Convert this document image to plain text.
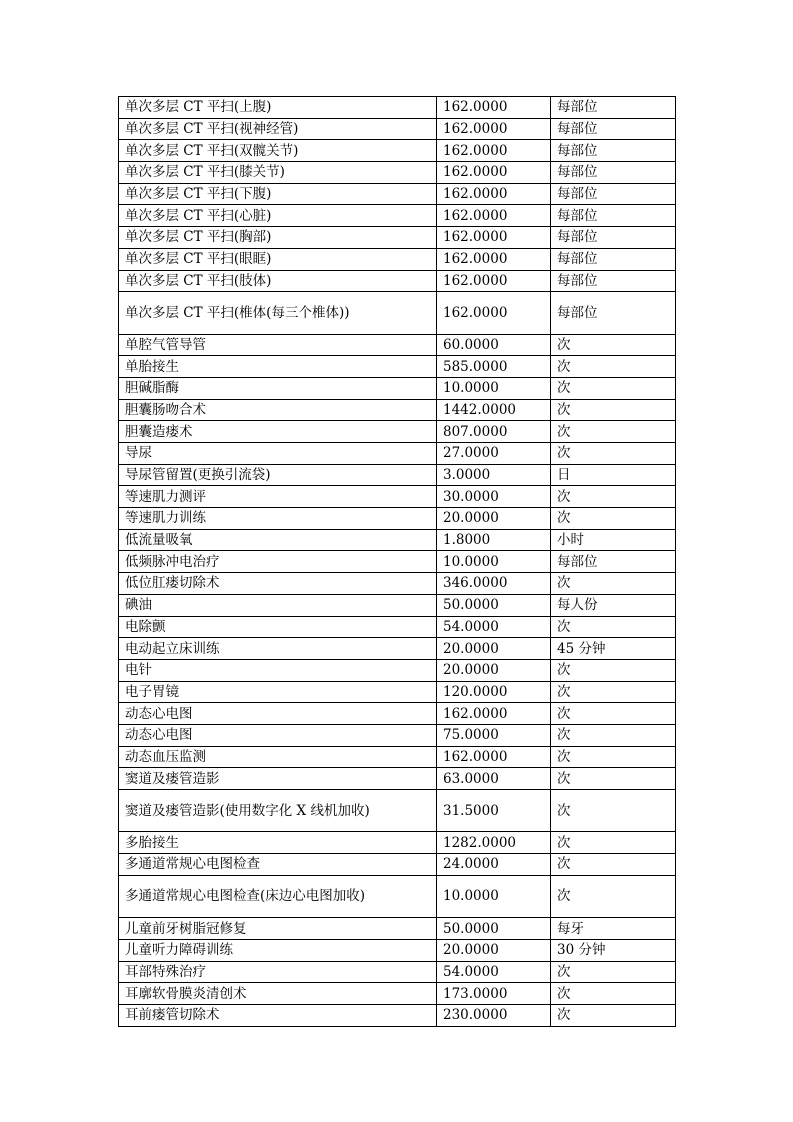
单次多层 CT 平扫(上腹)	162.0000	每部位
单次多层 CT 平扫(视神经管)	162.0000	每部位
单次多层 CT 平扫(双髋关节)	162.0000	每部位
单次多层 CT 平扫(膝关节)	162.0000	每部位
单次多层 CT 平扫(下腹)	162.0000	每部位
单次多层 CT 平扫(心脏)	162.0000	每部位
单次多层 CT 平扫(胸部)	162.0000	每部位
单次多层 CT 平扫(眼眶)	162.0000	每部位
单次多层 CT 平扫(肢体)	162.0000	每部位
单次多层 CT 平扫(椎体(每三个椎体))	162.0000	每部位
单腔气管导管	60.0000	次
单胎接生	585.0000	次
胆碱脂酶	10.0000	次
胆囊肠吻合术	1442.0000	次
胆囊造瘘术	807.0000	次
导尿	27.0000	次
导尿管留置(更换引流袋)	3.0000	日
等速肌力测评	30.0000	次
等速肌力训练	20.0000	次
低流量吸氧	1.8000	小时
低频脉冲电治疗	10.0000	每部位
低位肛瘘切除术	346.0000	次
碘油	50.0000	每人份
电除颤	54.0000	次
电动起立床训练	20.0000	45 分钟
电针	20.0000	次
电子胃镜	120.0000	次
动态心电图	162.0000	次
动态心电图	75.0000	次
动态血压监测	162.0000	次
窦道及瘘管造影	63.0000	次
窦道及瘘管造影(使用数字化 X 线机加收)	31.5000	次
多胎接生	1282.0000	次
多通道常规心电图检查	24.0000	次
多通道常规心电图检查(床边心电图加收)	10.0000	次
儿童前牙树脂冠修复	50.0000	每牙
儿童听力障碍训练	20.0000	30 分钟
耳部特殊治疗	54.0000	次
耳廓软骨膜炎清创术	173.0000	次
耳前瘘管切除术	230.0000	次
